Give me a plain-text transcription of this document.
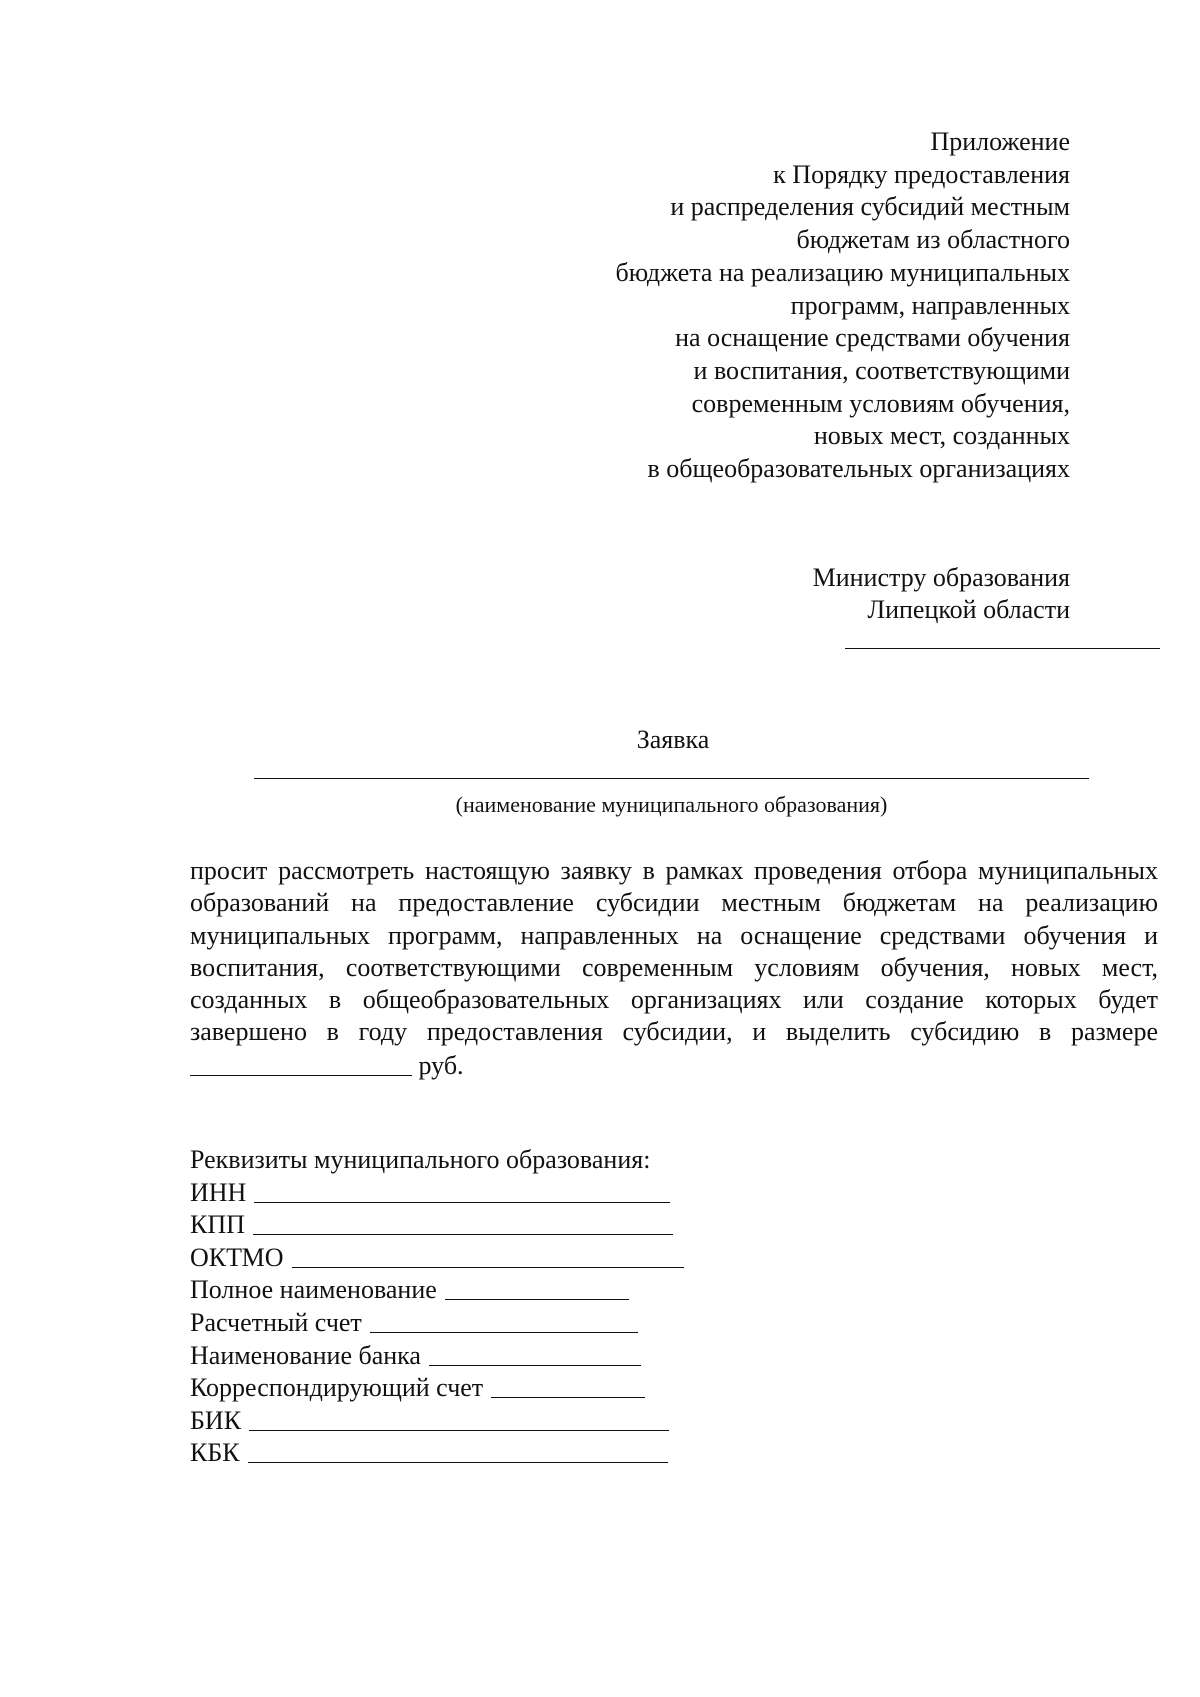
Приложение
к Порядку предоставления
и распределения субсидий местным
бюджетам из областного
бюджета на реализацию муниципальных
программ, направленных
на оснащение средствами обучения
и воспитания, соответствующими
современным условиям обучения,
новых мест, созданных
в общеобразовательных организациях
Министру образования
Липецкой области
Заявка
(наименование муниципального образования)
просит рассмотреть настоящую заявку в рамках проведения отбора муниципальных образований на предоставление субсидии местным бюджетам на реализацию муниципальных программ, направленных на оснащение средствами обучения и воспитания, соответствующими современным условиям обучения, новых мест, созданных в общеобразовательных организациях или создание которых будет завершено в году предоставления субсидии, и выделить субсидию в размере руб.
Реквизиты муниципального образования:
ИНН
КПП
ОКТМО
Полное наименование
Расчетный счет
Наименование банка
Корреспондирующий счет
БИК
КБК
